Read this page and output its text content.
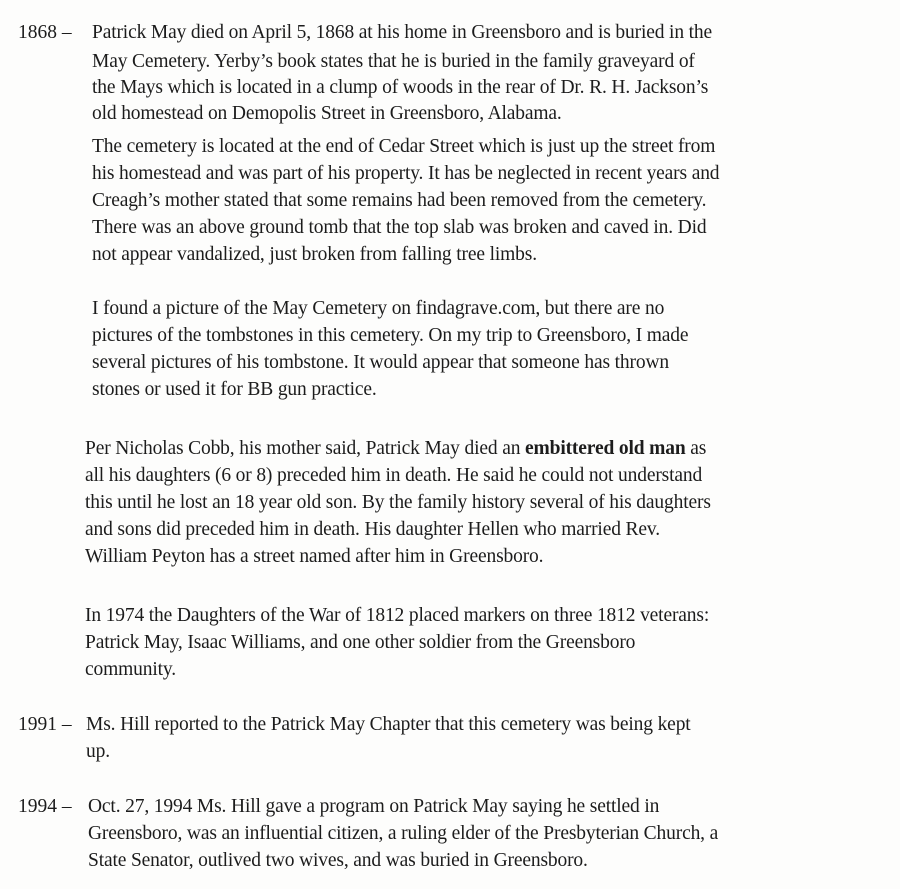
1868 – Patrick May died on April 5, 1868 at his home in Greensboro and is buried in the
May Cemetery. Yerby’s book states that he is buried in the family graveyard of
the Mays which is located in a clump of woods in the rear of Dr. R. H. Jackson’s
old homestead on Demopolis Street in Greensboro, Alabama.
The cemetery is located at the end of Cedar Street which is just up the street from
his homestead and was part of his property. It has be neglected in recent years and
Creagh’s mother stated that some remains had been removed from the cemetery.
There was an above ground tomb that the top slab was broken and caved in. Did
not appear vandalized, just broken from falling tree limbs.
I found a picture of the May Cemetery on findagrave.com, but there are no
pictures of the tombstones in this cemetery. On my trip to Greensboro, I made
several pictures of his tombstone. It would appear that someone has thrown
stones or used it for BB gun practice.
Per Nicholas Cobb, his mother said, Patrick May died an embittered old man as
all his daughters (6 or 8) preceded him in death. He said he could not understand
this until he lost an 18 year old son. By the family history several of his daughters
and sons did preceded him in death. His daughter Hellen who married Rev.
William Peyton has a street named after him in Greensboro.
In 1974 the Daughters of the War of 1812 placed markers on three 1812 veterans:
Patrick May, Isaac Williams, and one other soldier from the Greensboro
community.
1991 – Ms. Hill reported to the Patrick May Chapter that this cemetery was being kept
up.
1994 – Oct. 27, 1994 Ms. Hill gave a program on Patrick May saying he settled in
Greensboro, was an influential citizen, a ruling elder of the Presbyterian Church, a
State Senator, outlived two wives, and was buried in Greensboro.
